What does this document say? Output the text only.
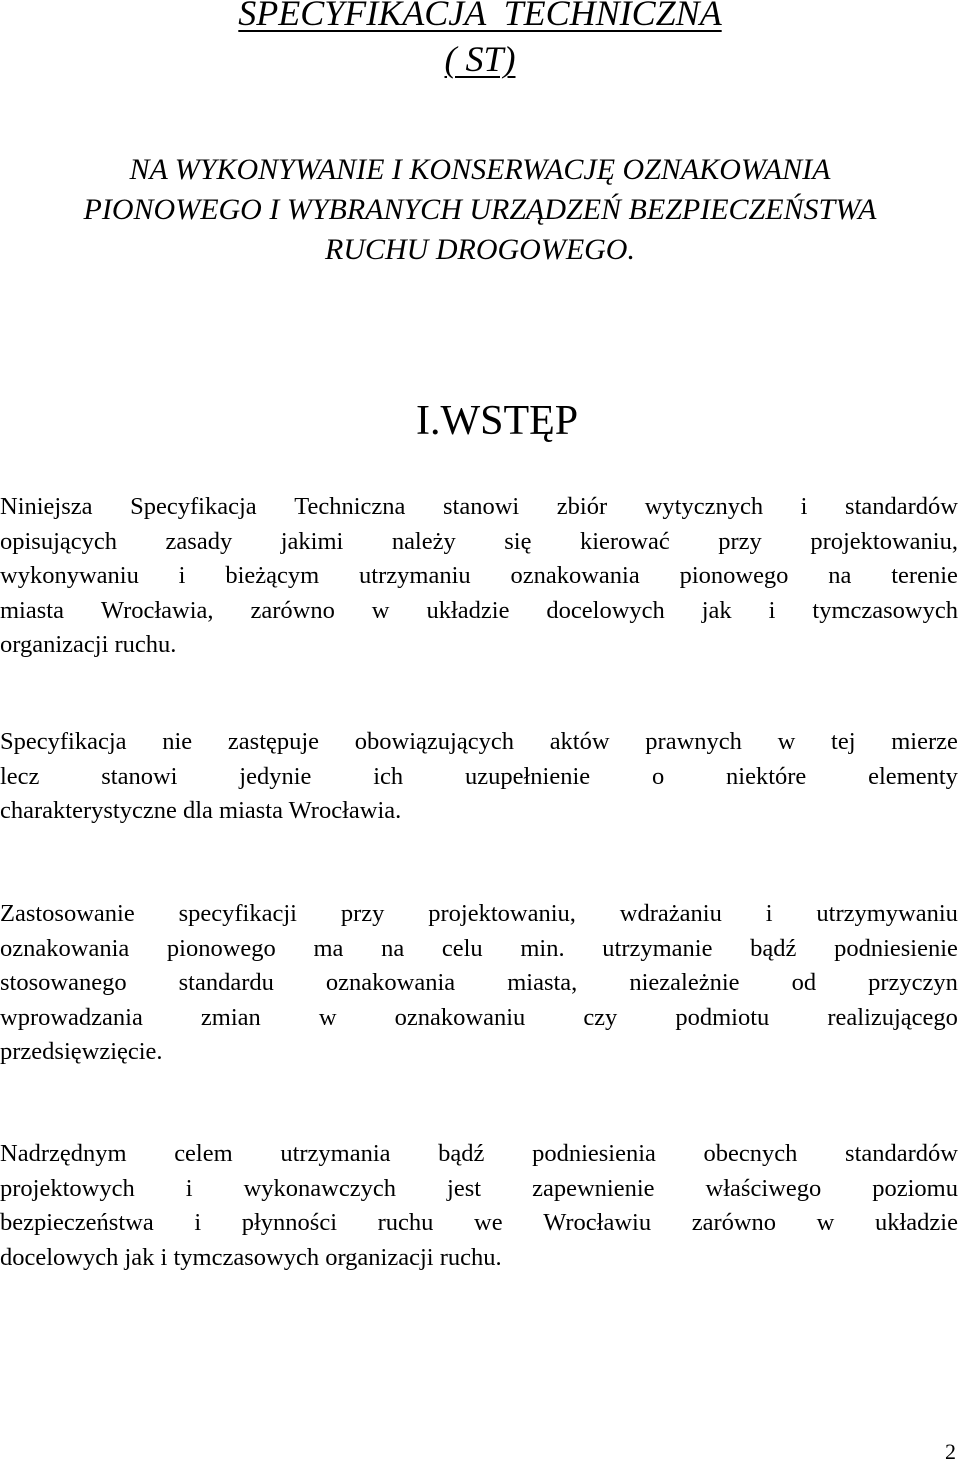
SPECYFIKACJA  TECHNICZNA
( ST)
NA WYKONYWANIE I KONSERWACJĘ OZNAKOWANIA
PIONOWEGO I WYBRANYCH URZĄDZEŃ BEZPIECZEŃSTWA
RUCHU DROGOWEGO.
I.WSTĘP
Niniejsza Specyfikacja Techniczna stanowi zbiór wytycznych i standardów
opisujących zasady jakimi należy się kierować przy projektowaniu,
wykonywaniu i bieżącym utrzymaniu oznakowania pionowego na terenie
miasta Wrocławia, zarówno w układzie docelowych jak i tymczasowych
organizacji ruchu.
Specyfikacja nie zastępuje obowiązujących aktów prawnych w tej mierze
lecz	stanowi	jedynie	ich	uzupełnienie	o	niektóre	elementy
charakterystyczne dla miasta Wrocławia.
Zastosowanie specyfikacji przy projektowaniu, wdrażaniu i utrzymywaniu
oznakowania pionowego ma na celu min. utrzymanie bądź podniesienie
stosowanego standardu oznakowania miasta, niezależnie od przyczyn
wprowadzania zmian w oznakowaniu czy podmiotu realizującego
przedsięwzięcie.
Nadrzędnym celem utrzymania bądź podniesienia obecnych standardów
projektowych i wykonawczych jest zapewnienie właściwego poziomu
bezpieczeństwa i płynności ruchu we Wrocławiu zarówno w układzie
docelowych jak i tymczasowych organizacji ruchu.
2
